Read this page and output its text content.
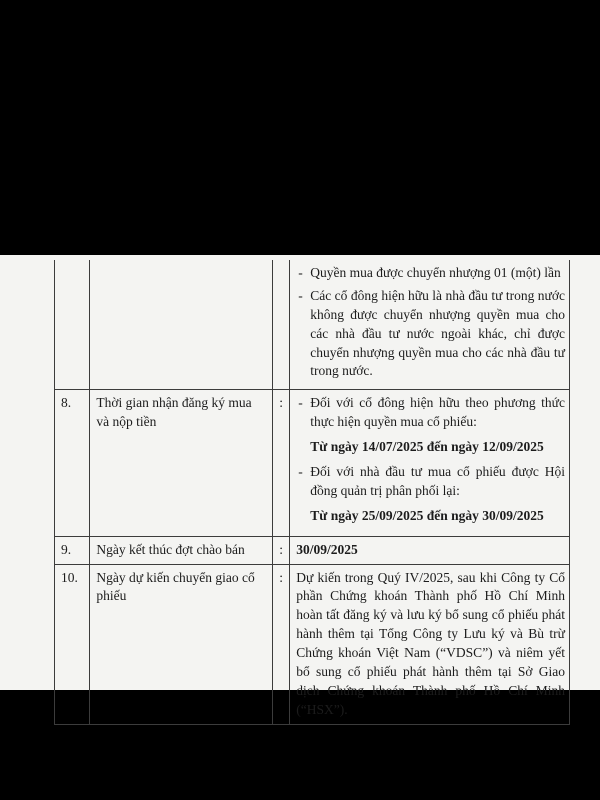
			- Quyền mua được chuyển nhượng 01 (một) lần
- Các cổ đông hiện hữu là nhà đầu tư trong nước không được chuyển nhượng quyền mua cho các nhà đầu tư nước ngoài khác, chỉ được chuyển nhượng quyền mua cho các nhà đầu tư trong nước.

8.	Thời gian nhận đăng ký mua và nộp tiền	:	- Đối với cổ đông hiện hữu theo phương thức thực hiện quyền mua cổ phiếu:
Từ ngày 14/07/2025 đến ngày 12/09/2025
- Đối với nhà đầu tư mua cổ phiếu được Hội đồng quản trị phân phối lại:
Từ ngày 25/09/2025 đến ngày 30/09/2025

9.	Ngày kết thúc đợt chào bán	:	30/09/2025
10.	Ngày dự kiến chuyển giao cổ phiếu	:	Dự kiến trong Quý IV/2025, sau khi Công ty Cổ phần Chứng khoán Thành phố Hồ Chí Minh hoàn tất đăng ký và lưu ký bổ sung cổ phiếu phát hành thêm tại Tổng Công ty Lưu ký và Bù trừ Chứng khoán Việt Nam (“VDSC”) và niêm yết bổ sung cổ phiếu phát hành thêm tại Sở Giao dịch Chứng khoán Thành phố Hồ Chí Minh (“HSX”).
